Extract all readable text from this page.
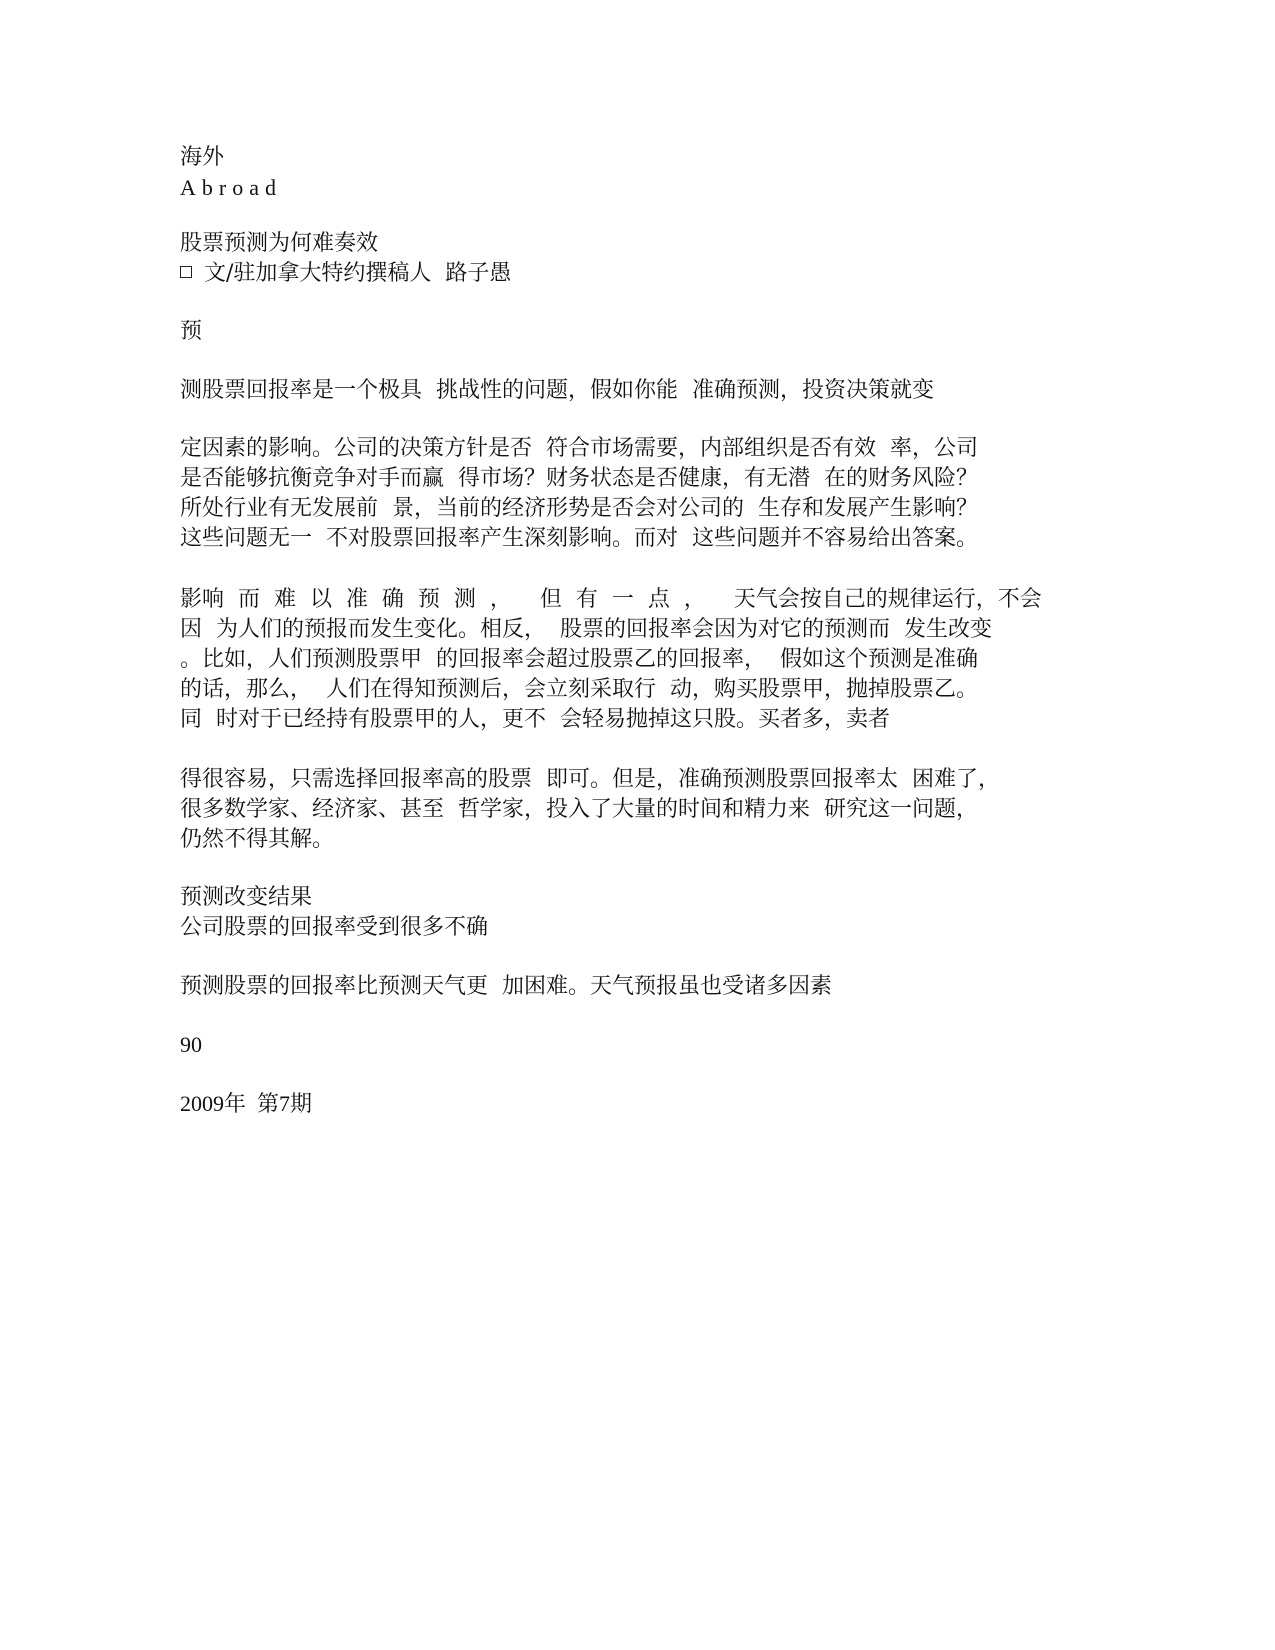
海外
Abroad
股票预测为何难奏效
文/驻加拿大特约撰稿人  路子愚
预
测股票回报率是一个极具  挑战性的问题，假如你能  准确预测，投资决策就变
定因素的影响。公司的决策方针是否  符合市场需要，内部组织是否有效  率，公司
是否能够抗衡竞争对手而赢  得市场？财务状态是否健康，有无潜  在的财务风险？
所处行业有无发展前  景，当前的经济形势是否会对公司的  生存和发展产生影响？
这些问题无一  不对股票回报率产生深刻影响。而对  这些问题并不容易给出答案。
影响  而  难  以  准  确  预  测  ，    但  有  一  点  ，    天气会按自己的规律运行，不会
因  为人们的预报而发生变化。相反，  股票的回报率会因为对它的预测而  发生改变
。比如，人们预测股票甲  的回报率会超过股票乙的回报率，  假如这个预测是准确
的话，那么，  人们在得知预测后，会立刻采取行  动，购买股票甲，抛掉股票乙。
同  时对于已经持有股票甲的人，更不  会轻易抛掉这只股。买者多，卖者
得很容易，只需选择回报率高的股票  即可。但是，准确预测股票回报率太  困难了，
很多数学家、经济家、甚至  哲学家，投入了大量的时间和精力来  研究这一问题，
仍然不得其解。
预测改变结果
公司股票的回报率受到很多不确
预测股票的回报率比预测天气更  加困难。天气预报虽也受诸多因素
90
2009年  第7期
